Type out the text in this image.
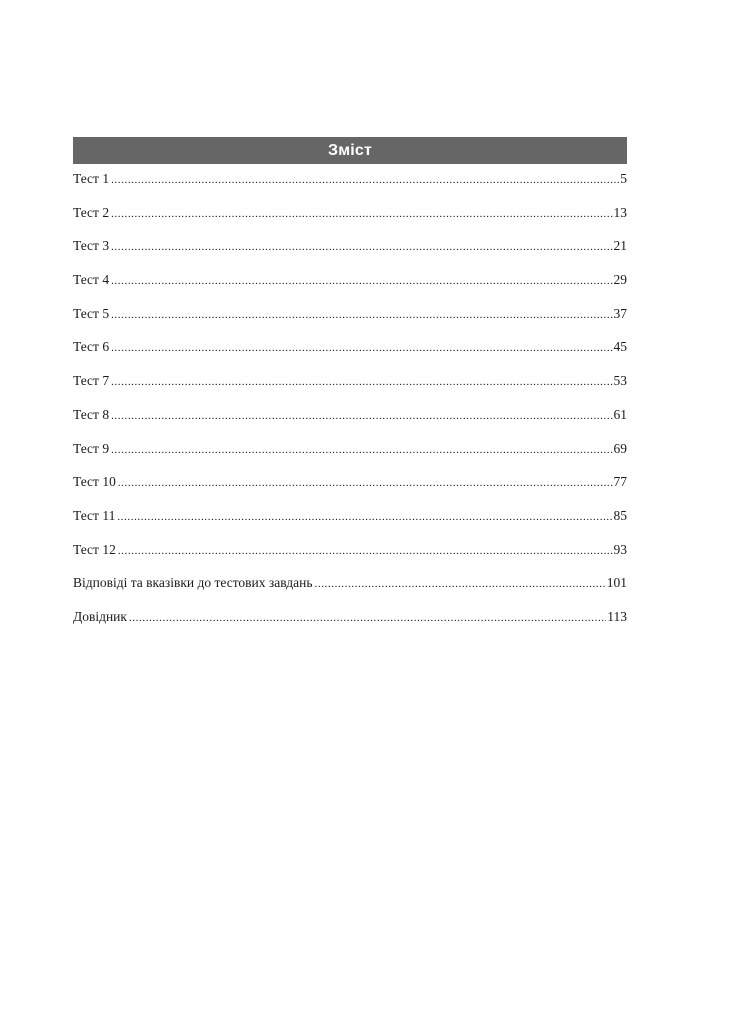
Зміст
Тест 1 .....	5
Тест 2 .....	13
Тест 3 .....	21
Тест 4 .....	29
Тест 5 .....	37
Тест 6 .....	45
Тест 7 .....	53
Тест 8 .....	61
Тест 9 .....	69
Тест 10 .....	77
Тест 11 .....	85
Тест 12 .....	93
Відповіді та вказівки до тестових завдань .....	101
Довідник .....	113
